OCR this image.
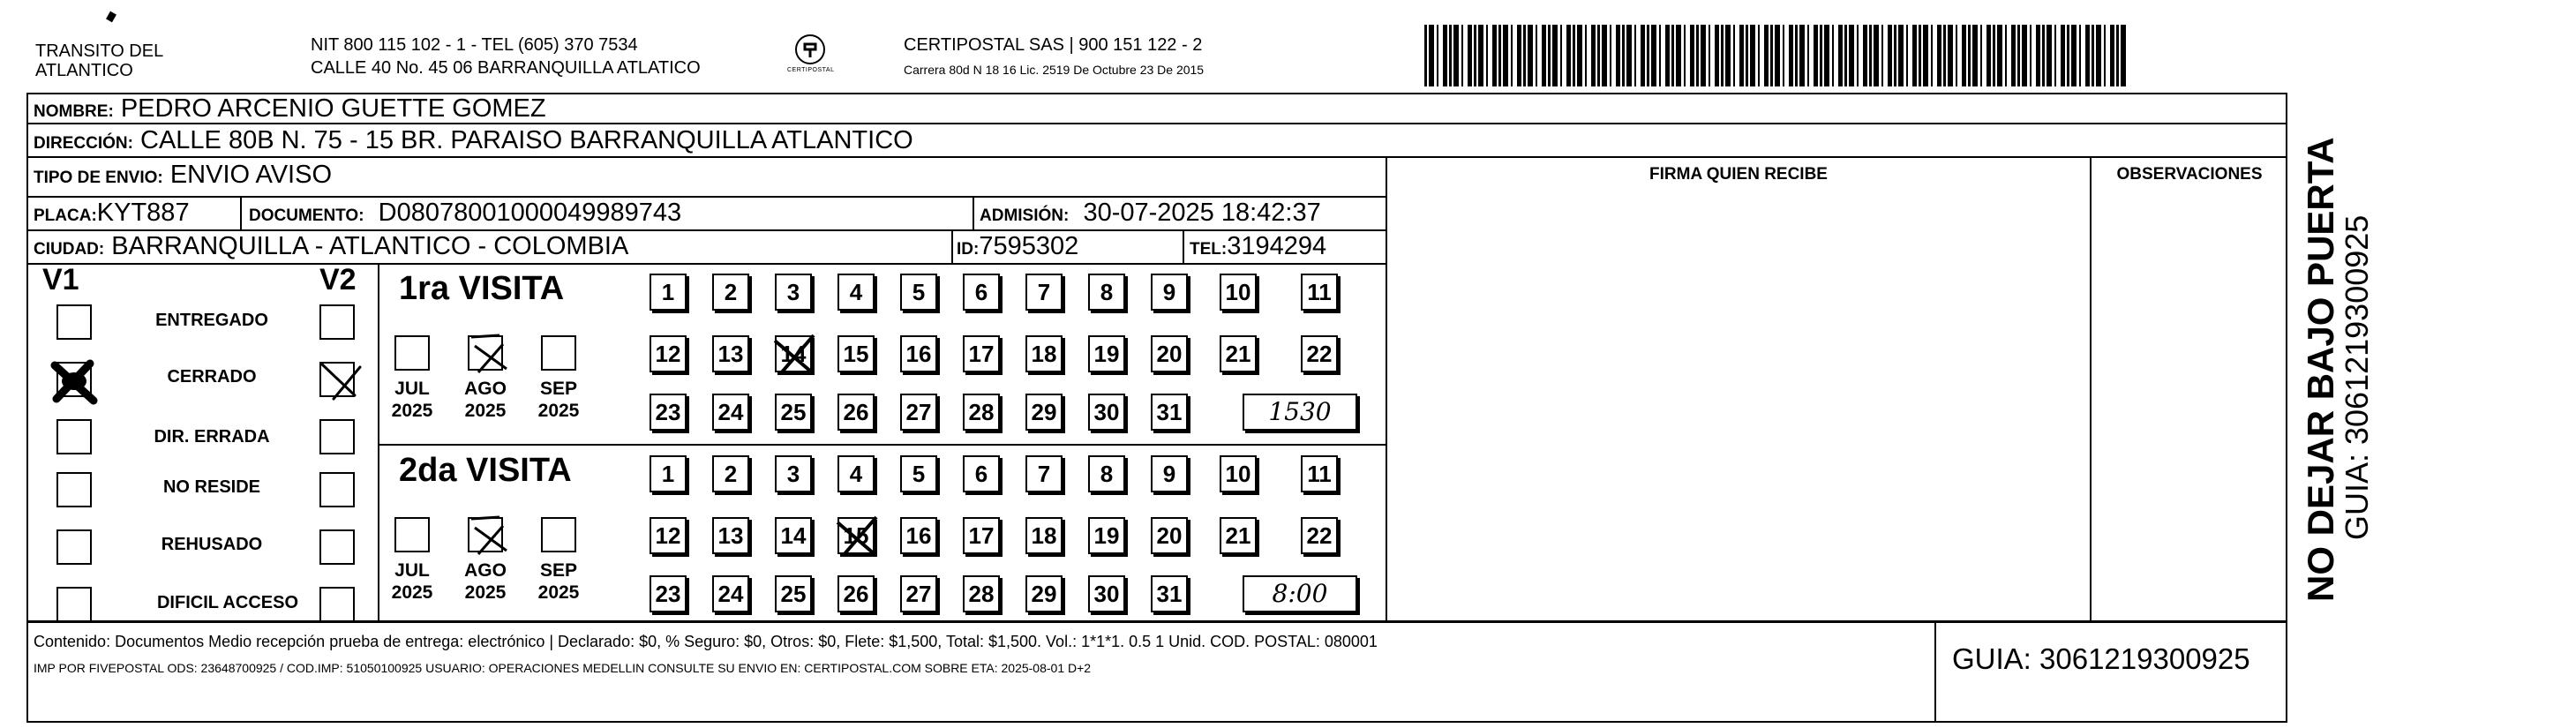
TRANSITO DEL
ATLANTICO
NIT 800 115 102 - 1 - TEL (605) 370 7534
CALLE 40 No. 45 06 BARRANQUILLA ATLATICO	CERTIPOSTAL
CERTIPOSTAL SAS | 900 151 122 - 2
Carrera 80d N 18 16 Lic. 2519 De Octubre 23 De 2015
NOMBRE: PEDRO ARCENIO GUETTE GOMEZ
DIRECCIÓN: CALLE 80B N. 75 - 15 BR. PARAISO BARRANQUILLA ATLANTICO
TIPO DE ENVIO: ENVIO AVISO
PLACA:KYT887	DOCUMENTO: D08078001000049989743	ADMISIÓN: 30-07-2025 18:42:37
CIUDAD: BARRANQUILLA - ATLANTICO - COLOMBIA	ID:7595302	TEL:3194294
FIRMA QUIEN RECIBE	OBSERVACIONES
V1	V2
ENTREGADO
CERRADO
DIR. ERRADA
NO RESIDE
REHUSADO
DIFICIL ACCESO
1ra VISITA
JUL
2025
AGO
2025
SEP
2025
1	2	3	4	5	6	7	8	9	10 11
12 13 14 15 16 17 18 19 20 21 22
23 24 25 26 27 28 29 30 31	1530
2da VISITA
JUL
2025
AGO
2025
SEP
2025
1	2	3	4	5	6	7	8	9	10 11
12 13 14 15 16 17 18 19 20 21 22
23 24 25 26 27 28 29 30 31	8:00
Contenido: Documentos Medio recepción prueba de entrega: electrónico | Declarado: $0, % Seguro: $0, Otros: $0, Flete: $1,500, Total: $1,500. Vol.: 1*1*1. 0.5 1 Unid. COD. POSTAL: 080001
IMP POR FIVEPOSTAL ODS: 23648700925 / COD.IMP: 51050100925 USUARIO: OPERACIONES MEDELLIN CONSULTE SU ENVIO EN: CERTIPOSTAL.COM SOBRE ETA: 2025-08-01 D+2	GUIA: 3061219300925
NO DEJAR BAJO PUERTA
GUIA: 3061219300925
